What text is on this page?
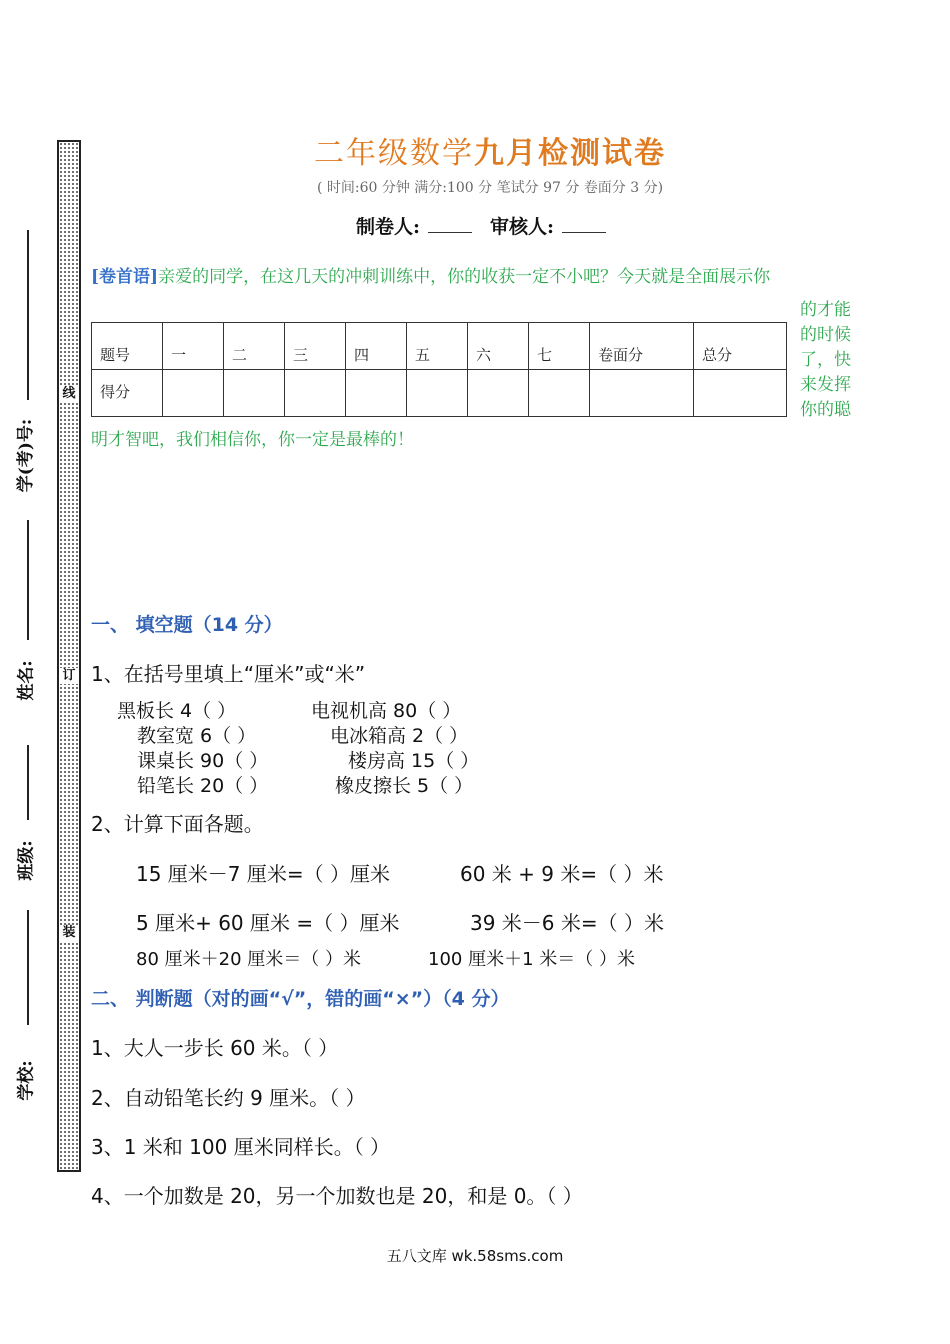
学(考)号:
姓名:
班级:
学校:
线
订
装
二年级数学九月检测试卷
( 时间:60 分钟 满分:100 分 笔试分 97 分 卷面分 3 分)
制卷人:	审核人:
[卷首语]亲爱的同学，在这几天的冲刺训练中，你的收获一定不小吧？今天就是全面展示你
的才能
的时候
了，快
来发挥
你的聪
题号	一	二	三	四	五	六	七	卷面分	总分
得分									
明才智吧，我们相信你，你一定是最棒的！
一、 填空题（14 分）
1、在括号里填上“厘米”或“米”
黑板长 4（ ）	电视机高 80（ ）
教室宽 6（ ）	电冰箱高 2（ ）
课桌长 90（ ）	楼房高 15（ ）
铅笔长 20（ ）	橡皮擦长 5（ ）
2、计算下面各题。
15 厘米－7 厘米=（ ）厘米	60 米 + 9 米=（ ）米
5 厘米+ 60 厘米 =（ ）厘米	39 米－6 米=（ ）米
80 厘米＋20 厘米＝（ ）米	100 厘米＋1 米＝（ ）米
二、 判断题（对的画“√”，错的画“×”）（4 分）
1、大人一步长 60 米。（ ）
2、自动铅笔长约 9 厘米。（ ）
3、1 米和 100 厘米同样长。（ ）
4、一个加数是 20，另一个加数也是 20，和是 0。（ ）
五八文库 wk.58sms.com
